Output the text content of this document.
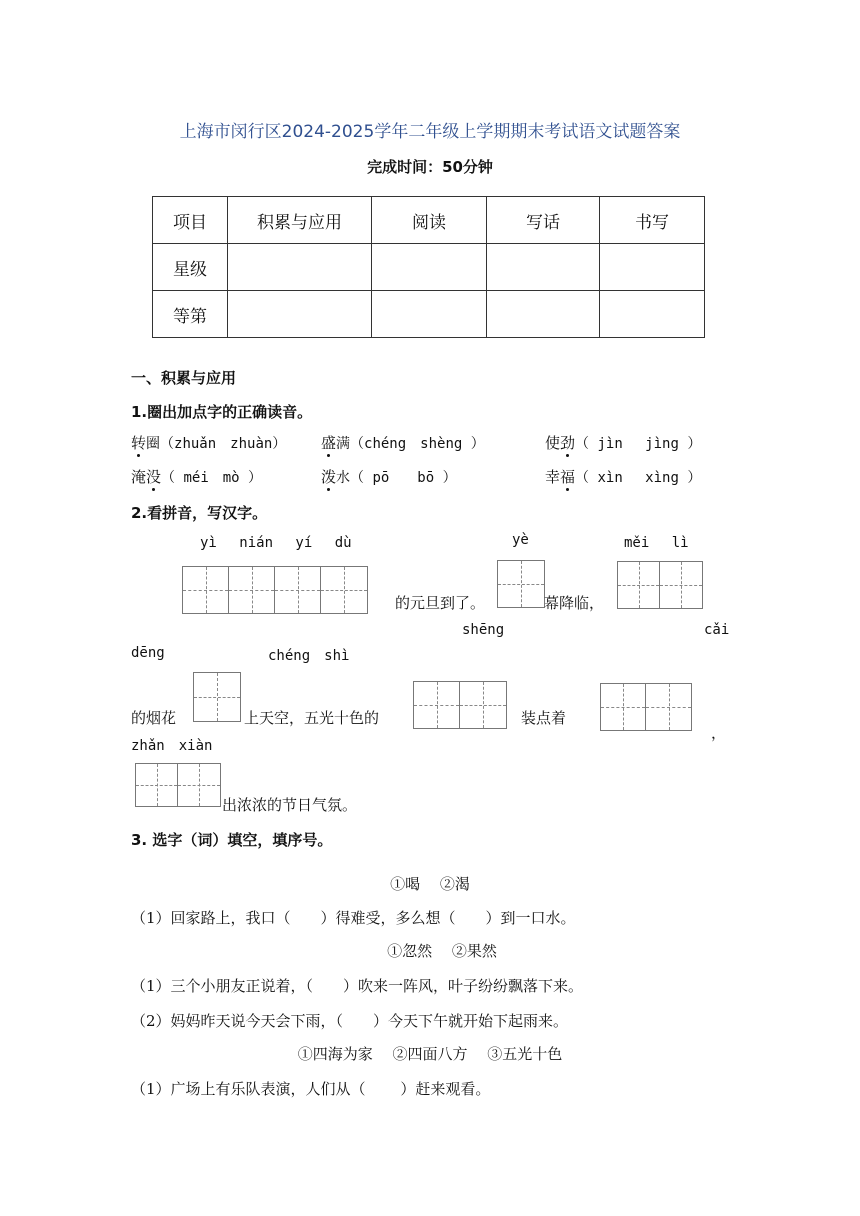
上海市闵行区2024-2025学年二年级上学期期末考试语文试题答案
完成时间：50分钟
项目	积累与应用	阅读	写话	书写
星级				
等第				
一、积累与应用
1.圈出加点字的正确读音。
转圈（zhuǎn　zhuàn） 盛满（chéng　shèng ）	使劲（ jìn　 jìng ）
淹没（ méi　mò ）	泼水（ pō　　bō ）	幸福（ xìn　 xìng ）
2.看拼音，写汉字。
yì　 nián　 yí　 dù	yè	měi　 lì
的元旦到了。	幕降临，
shēng	cǎi
dēng	chéng　shì
的烟花	上天空，五光十色的	装点着
，
zhǎn　xiàn
出浓浓的节日气氛。
3. 选字（词）填空，填序号。
①喝　 ②渴
（1）回家路上，我口（　　）得难受，多么想（　　）到一口水。
①忽然　 ②果然
（1）三个小朋友正说着，（　　）吹来一阵风，叶子纷纷飘落下来。
（2）妈妈昨天说今天会下雨，（　　）今天下午就开始下起雨来。
①四海为家　 ②四面八方　 ③五光十色
（1）广场上有乐队表演，人们从（　　 ）赶来观看。
